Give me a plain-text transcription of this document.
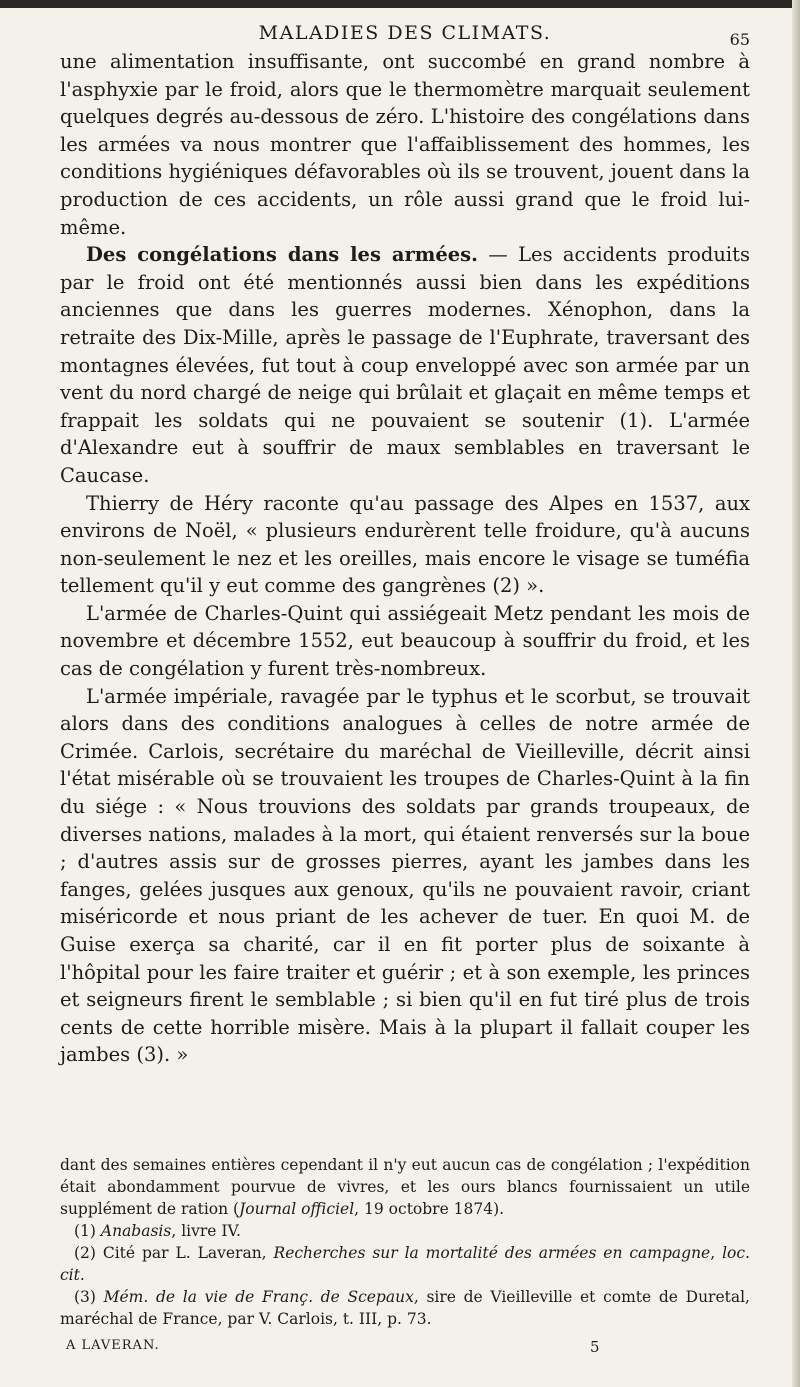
MALADIES DES CLIMATS.	65

une alimentation insuffisante, ont succombé en grand nombre à l'asphyxie par le froid, alors que le thermomètre marquait seulement quelques degrés au-dessous de zéro. L'histoire des congélations dans les armées va nous montrer que l'affaiblissement des hommes, les conditions hygiéniques défavorables où ils se trouvent, jouent dans la production de ces accidents, un rôle aussi grand que le froid lui-même.

Des congélations dans les armées. — Les accidents produits par le froid ont été mentionnés aussi bien dans les expéditions anciennes que dans les guerres modernes. Xénophon, dans la retraite des Dix-Mille, après le passage de l'Euphrate, traversant des montagnes élevées, fut tout à coup enveloppé avec son armée par un vent du nord chargé de neige qui brûlait et glaçait en même temps et frappait les soldats qui ne pouvaient se soutenir (1). L'armée d'Alexandre eut à souffrir de maux semblables en traversant le Caucase.

Thierry de Héry raconte qu'au passage des Alpes en 1537, aux environs de Noël, « plusieurs endurèrent telle froidure, qu'à aucuns non-seulement le nez et les oreilles, mais encore le visage se tuméfia tellement qu'il y eut comme des gangrènes (2) ».

L'armée de Charles-Quint qui assiégeait Metz pendant les mois de novembre et décembre 1552, eut beaucoup à souffrir du froid, et les cas de congélation y furent très-nombreux.

L'armée impériale, ravagée par le typhus et le scorbut, se trouvait alors dans des conditions analogues à celles de notre armée de Crimée. Carlois, secrétaire du maréchal de Vieilleville, décrit ainsi l'état misérable où se trouvaient les troupes de Charles-Quint à la fin du siége : « Nous trouvions des soldats par grands troupeaux, de diverses nations, malades à la mort, qui étaient renversés sur la boue ; d'autres assis sur de grosses pierres, ayant les jambes dans les fanges, gelées jusques aux genoux, qu'ils ne pouvaient ravoir, criant miséricorde et nous priant de les achever de tuer. En quoi M. de Guise exerça sa charité, car il en fit porter plus de soixante à l'hôpital pour les faire traiter et guérir ; et à son exemple, les princes et seigneurs firent le semblable ; si bien qu'il en fut tiré plus de trois cents de cette horrible misère. Mais à la plupart il fallait couper les jambes (3). »

dant des semaines entières cependant il n'y eut aucun cas de congélation ; l'expédition était abondamment pourvue de vivres, et les ours blancs fournissaient un utile supplément de ration (Journal officiel, 19 octobre 1874).

(1) Anabasis, livre IV.

(2) Cité par L. Laveran, Recherches sur la mortalité des armées en campagne, loc. cit.

(3) Mém. de la vie de Franç. de Scepaux, sire de Vieilleville et comte de Duretal, maréchal de France, par V. Carlois, t. III, p. 73.

A LAVERAN.	5
